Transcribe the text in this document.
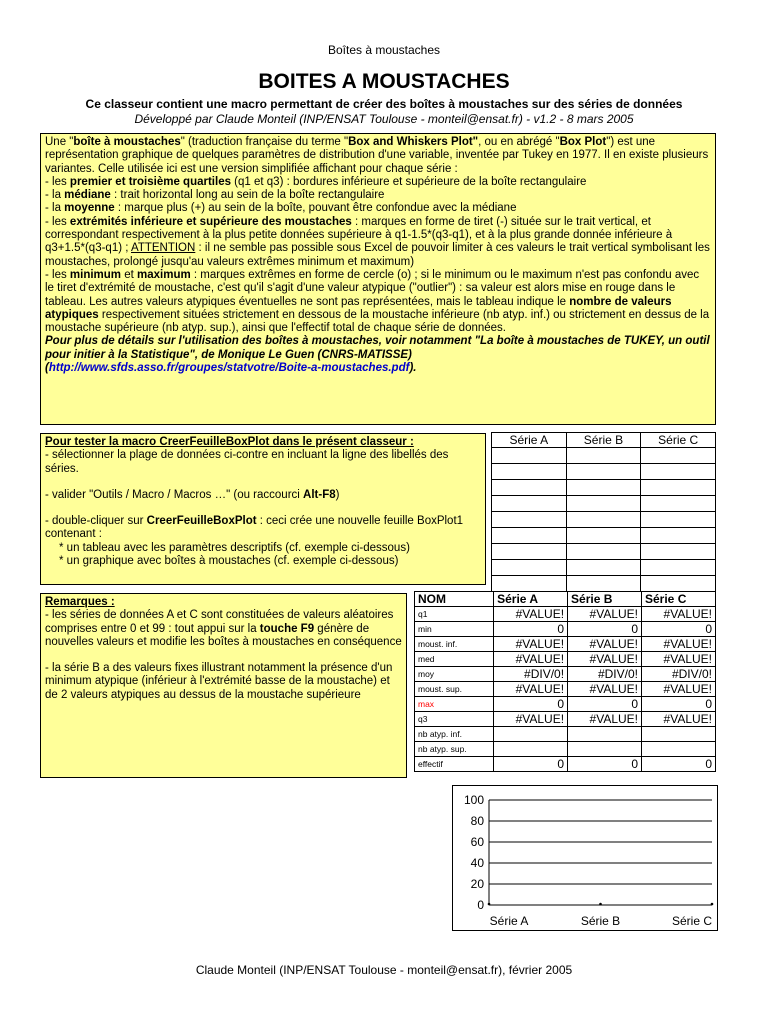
Boîtes à moustaches
BOITES A MOUSTACHES
Ce classeur contient une macro permettant de créer des boîtes à moustaches sur des séries de données
Développé par Claude Monteil (INP/ENSAT Toulouse - monteil@ensat.fr) - v1.2 - 8 mars 2005

Une "boîte à moustaches" (traduction française du terme "Box and Whiskers Plot", ou en abrégé "Box Plot") est une représentation graphique de quelques paramètres de distribution d'une variable, inventée par Tukey en 1977. Il en existe plusieurs variantes. Celle utilisée ici est une version simplifiée affichant pour chaque série :

- les premier et troisième quartiles (q1 et q3) : bordures inférieure et supérieure de la boîte rectangulaire

- la médiane : trait horizontal long au sein de la boîte rectangulaire

- la moyenne : marque plus (+) au sein de la boîte, pouvant être confondue avec la médiane

- les extrémités inférieure et supérieure des moustaches : marques en forme de tiret (-) située sur le trait vertical, et correspondant respectivement à la plus petite données supérieure à q1-1.5*(q3-q1), et à la plus grande donnée inférieure à q3+1.5*(q3-q1) ; ATTENTION : il ne semble pas possible sous Excel de pouvoir limiter à ces valeurs le trait vertical symbolisant les moustaches, prolongé jusqu'au valeurs extrêmes minimum et maximum)

- les minimum et maximum : marques extrêmes en forme de cercle (o) ; si le minimum ou le maximum n'est pas confondu avec le tiret d'extrémité de moustache, c'est qu'il s'agit d'une valeur atypique ("outlier") : sa valeur est alors mise en rouge dans le tableau. Les autres valeurs atypiques éventuelles ne sont pas représentées, mais le tableau indique le nombre de valeurs atypiques respectivement situées strictement en dessous de la moustache inférieure (nb atyp. inf.) ou strictement en dessus de la moustache supérieure (nb atyp. sup.), ainsi que l'effectif total de chaque série de données.

Pour plus de détails sur l'utilisation des boîtes à moustaches, voir notamment "La boîte à moustaches de TUKEY, un outil pour initier à la Statistique", de Monique Le Guen (CNRS-MATISSE)
(http://www.sfds.asso.fr/groupes/statvotre/Boite-a-moustaches.pdf).

Pour tester la macro CreerFeuilleBoxPlot dans le présent classeur :

- sélectionner la plage de données ci-contre en incluant la ligne des libellés des séries.

- valider "Outils / Macro / Macros …" (ou raccourci Alt-F8)

- double-cliquer sur CreerFeuilleBoxPlot : ceci crée une nouvelle feuille BoxPlot1 contenant :

* un tableau avec les paramètres descriptifs (cf. exemple ci-dessous)

* un graphique avec boîtes à moustaches (cf. exemple ci-dessous)

Série A	Série B	Série C

Remarques :

- les séries de données A et C sont constituées de valeurs aléatoires comprises entre 0 et 99 : tout appui sur la touche F9 génère de nouvelles valeurs et modifie les boîtes à moustaches en conséquence

- la série B a des valeurs fixes illustrant notamment la présence d'un minimum atypique (inférieur à l'extrémité basse de la moustache) et de 2 valeurs atypiques au dessus de la moustache supérieure

NOM	Série A	Série B	Série C
q1	#VALUE!	#VALUE!	#VALUE!
min	0	0	0
moust. inf.	#VALUE!	#VALUE!	#VALUE!
med	#VALUE!	#VALUE!	#VALUE!
moy	#DIV/0!	#DIV/0!	#DIV/0!
moust. sup.	#VALUE!	#VALUE!	#VALUE!
max	0	0	0
q3	#VALUE!	#VALUE!	#VALUE!
nb atyp. inf.			
nb atyp. sup.			
effectif	0	0	0
0
20
40
60
80
100
Série A	Série B	Série C
Claude Monteil (INP/ENSAT Toulouse - monteil@ensat.fr), février 2005
